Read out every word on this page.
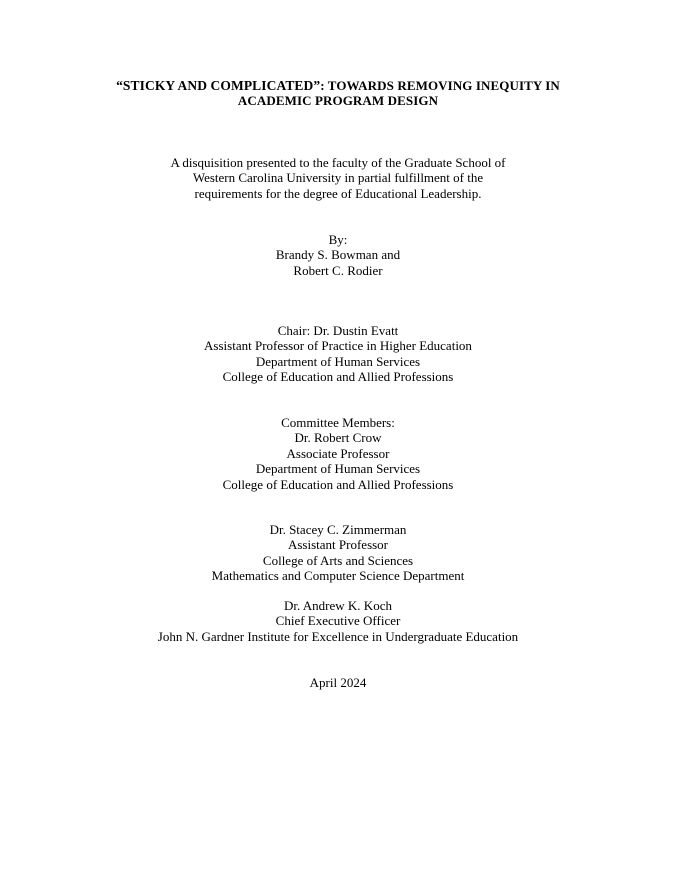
“STICKY AND COMPLICATED”: TOWARDS REMOVING INEQUITY IN
ACADEMIC PROGRAM DESIGN
A disquisition presented to the faculty of the Graduate School of
Western Carolina University in partial fulfillment of the
requirements for the degree of Educational Leadership.
By:
Brandy S. Bowman and
Robert C. Rodier
Chair: Dr. Dustin Evatt
Assistant Professor of Practice in Higher Education
Department of Human Services
College of Education and Allied Professions
Committee Members:
Dr. Robert Crow
Associate Professor
Department of Human Services
College of Education and Allied Professions
Dr. Stacey C. Zimmerman
Assistant Professor
College of Arts and Sciences
Mathematics and Computer Science Department
Dr. Andrew K. Koch
Chief Executive Officer
John N. Gardner Institute for Excellence in Undergraduate Education
April 2024
